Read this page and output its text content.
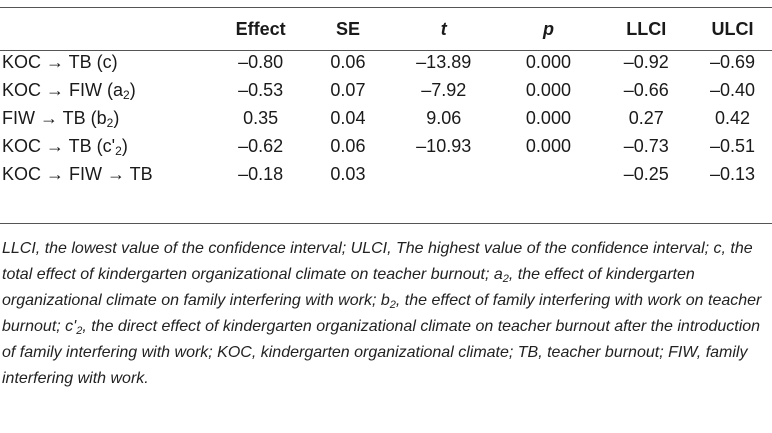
	Effect	SE	t	p	LLCI	ULCI
KOC → TB (c)	–0.80	0.06	–13.89	0.000	–0.92	–0.69
KOC → FIW $(a_2)$	–0.53	0.07	–7.92	0.000	–0.66	–0.40
FIW → TB $(b_2)$	0.35	0.04	9.06	0.000	0.27	0.42
KOC → TB $(c'_2)$	–0.62	0.06	–10.93	0.000	–0.73	–0.51
KOC → FIW → TB	–0.18	0.03			–0.25	–0.13
LLCI, the lowest value of the confidence interval; ULCI, The highest value of the confidence interval; c, the total effect of kindergarten organizational climate on teacher burnout; $a_2$, the effect of kindergarten organizational climate on family interfering with work; $b_2$, the effect of family interfering with work on teacher burnout; $c'_2$, the direct effect of kindergarten organizational climate on teacher burnout after the introduction of family interfering with work; KOC, kindergarten organizational climate; TB, teacher burnout; FIW, family interfering with work.
